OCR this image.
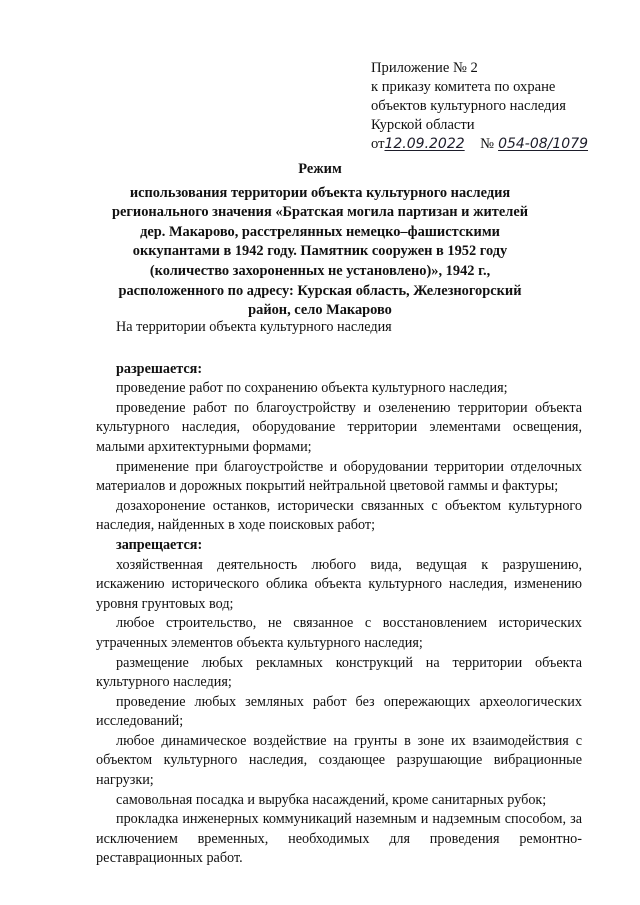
Приложение № 2
к приказу комитета по охране
объектов культурного наследия
Курской области
от12.09.2022 № 054-08/1079
Режим
использования территории объекта культурного наследия регионального значения «Братская могила партизан и жителей дер. Макарово, расстрелянных немецко–фашистскими оккупантами в 1942 году. Памятник сооружен в 1952 году (количество захороненных не установлено)», 1942 г., расположенного по адресу: Курская область, Железногорский район, село Макарово
На территории объекта культурного наследия
разрешается:

проведение работ по сохранению объекта культурного наследия;

проведение работ по благоустройству и озеленению территории объекта культурного наследия, оборудование территории элементами освещения, малыми архитектурными формами;

применение при благоустройстве и оборудовании территории отделочных материалов и дорожных покрытий нейтральной цветовой гаммы и фактуры;

дозахоронение останков, исторически связанных с объектом культурного наследия, найденных в ходе поисковых работ;

запрещается:

хозяйственная деятельность любого вида, ведущая к разрушению, искажению исторического облика объекта культурного наследия, изменению уровня грунтовых вод;

любое строительство, не связанное с восстановлением исторических утраченных элементов объекта культурного наследия;

размещение любых рекламных конструкций на территории объекта культурного наследия;

проведение любых земляных работ без опережающих археологических исследований;

любое динамическое воздействие на грунты в зоне их взаимодействия с объектом культурного наследия, создающее разрушающие вибрационные нагрузки;

самовольная посадка и вырубка насаждений, кроме санитарных рубок;

прокладка инженерных коммуникаций наземным и надземным способом, за исключением временных, необходимых для проведения ремонтно-реставрационных работ.
